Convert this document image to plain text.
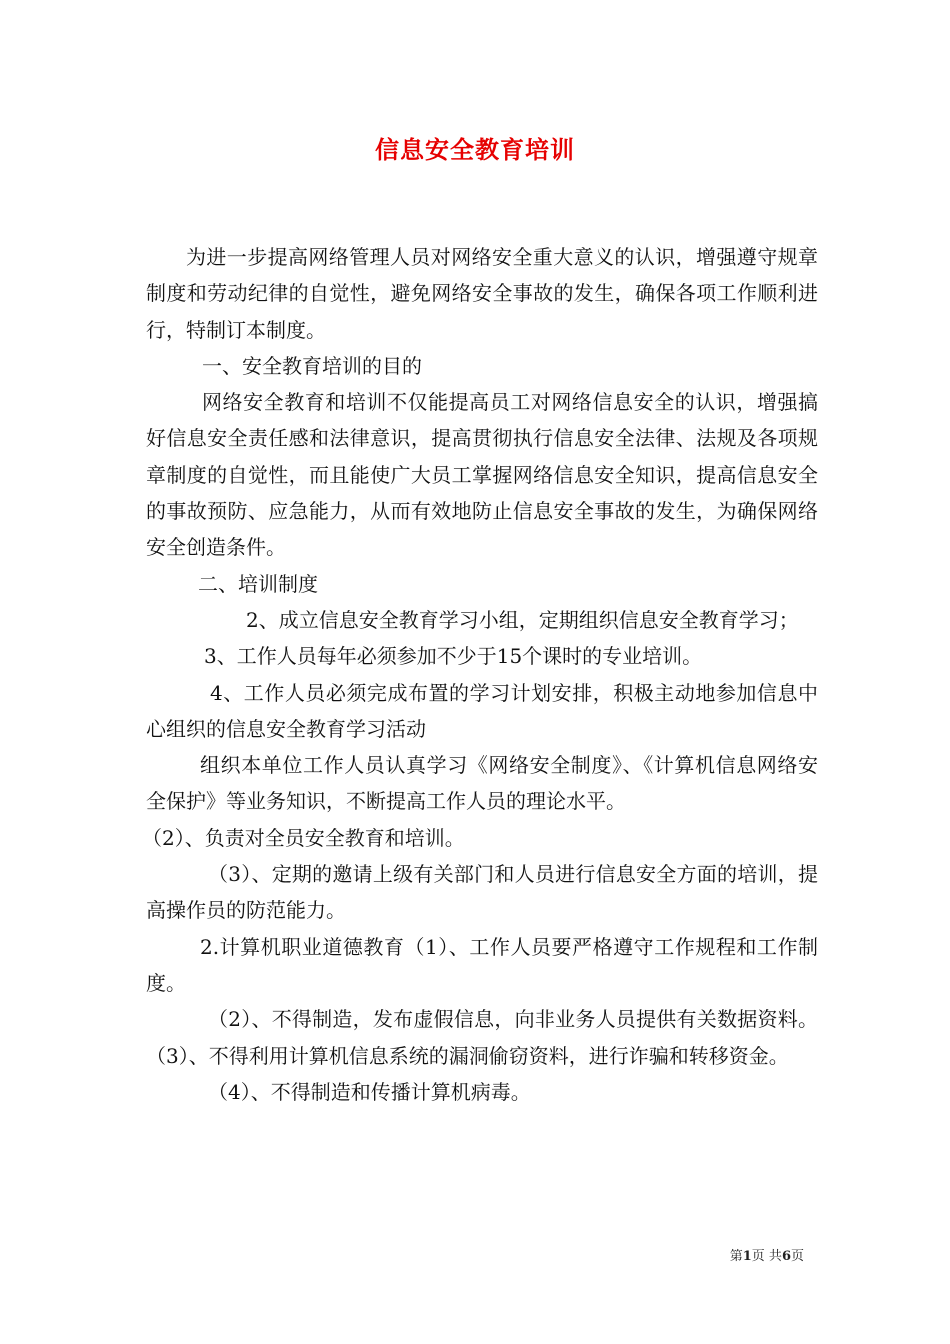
信息安全教育培训

为进一步提高网络管理人员对网络安全重大意义的认识，增强遵守规章制度和劳动纪律的自觉性，避免网络安全事故的发生，确保各项工作顺利进行，特制订本制度。

一、安全教育培训的目的

网络安全教育和培训不仅能提高员工对网络信息安全的认识，增强搞好信息安全责任感和法律意识，提高贯彻执行信息安全法律、法规及各项规章制度的自觉性，而且能使广大员工掌握网络信息安全知识，提高信息安全的事故预防、应急能力，从而有效地防止信息安全事故的发生，为确保网络安全创造条件。

二、培训制度

2、成立信息安全教育学习小组，定期组织信息安全教育学习；

3、工作人员每年必须参加不少于15个课时的专业培训。

4、工作人员必须完成布置的学习计划安排，积极主动地参加信息中心组织的信息安全教育学习活动

组织本单位工作人员认真学习《网络安全制度》、《计算机信息网络安全保护》等业务知识，不断提高工作人员的理论水平。

（2）、负责对全员安全教育和培训。

（3）、定期的邀请上级有关部门和人员进行信息安全方面的培训，提高操作员的防范能力。

2.计算机职业道德教育（1）、工作人员要严格遵守工作规程和工作制度。

（2）、不得制造，发布虚假信息，向非业务人员提供有关数据资料。（3）、不得利用计算机信息系统的漏洞偷窃资料，进行诈骗和转移资金。

（4）、不得制造和传播计算机病毒。

第1页 共6页
